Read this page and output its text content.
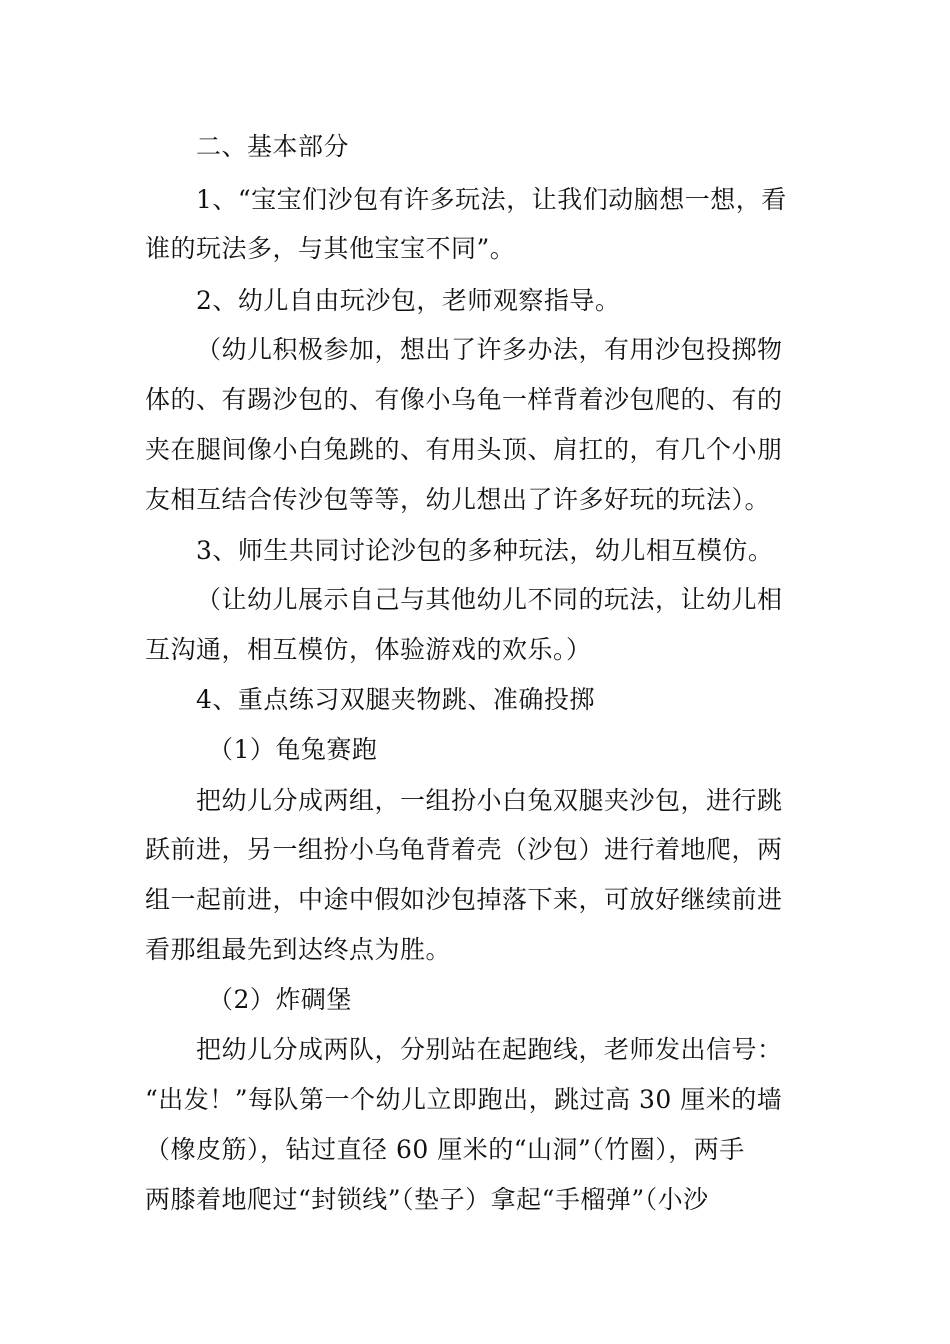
二、基本部分
1、“宝宝们沙包有许多玩法，让我们动脑想一想，看
谁的玩法多，与其他宝宝不同”。
2、幼儿自由玩沙包，老师观察指导。
（幼儿积极参加，想出了许多办法，有用沙包投掷物
体的、有踢沙包的、有像小乌龟一样背着沙包爬的、有的
夹在腿间像小白兔跳的、有用头顶、肩扛的，有几个小朋
友相互结合传沙包等等，幼儿想出了许多好玩的玩法）。
3、师生共同讨论沙包的多种玩法，幼儿相互模仿。
（让幼儿展示自己与其他幼儿不同的玩法，让幼儿相
互沟通，相互模仿，体验游戏的欢乐。）
4、重点练习双腿夹物跳、准确投掷
（1）龟兔赛跑
把幼儿分成两组，一组扮小白兔双腿夹沙包，进行跳
跃前进，另一组扮小乌龟背着壳（沙包）进行着地爬，两
组一起前进，中途中假如沙包掉落下来，可放好继续前进
看那组最先到达终点为胜。
（2）炸碉堡
把幼儿分成两队，分别站在起跑线，老师发出信号：
“出发！”每队第一个幼儿立即跑出，跳过高 30 厘米的墙
（橡皮筋），钻过直径 60 厘米的“山洞”（竹圈），两手
两膝着地爬过“封锁线”（垫子）拿起“手榴弹”（小沙
